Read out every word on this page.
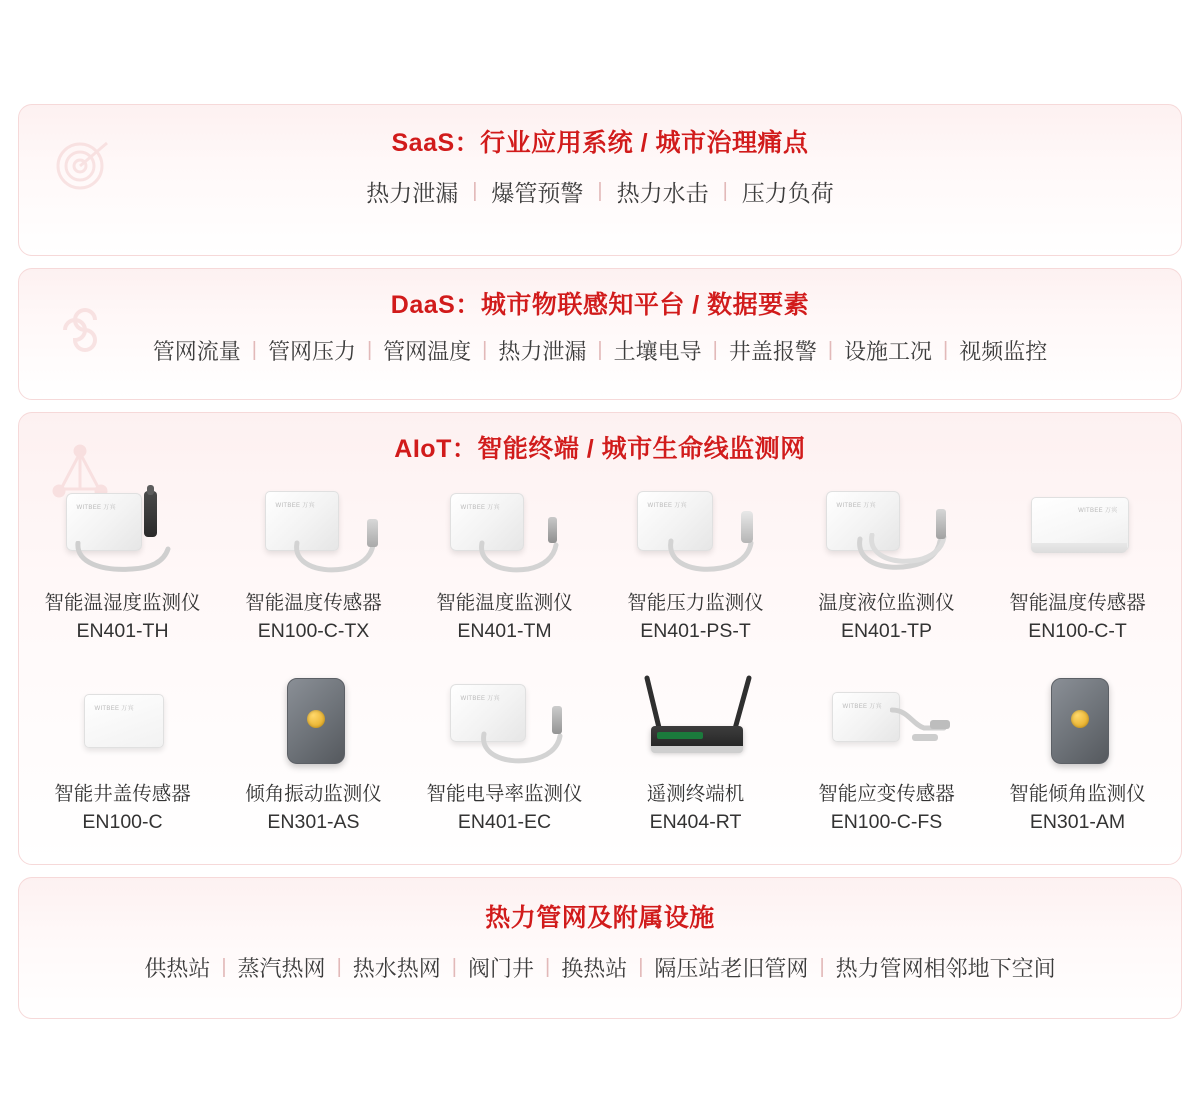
SaaS：行业应用系统 / 城市治理痛点
热力泄漏 | 爆管预警 | 热力水击 | 压力负荷
DaaS：城市物联感知平台 / 数据要素
管网流量 | 管网压力 | 管网温度 | 热力泄漏 | 土壤电导 | 井盖报警 | 设施工况 | 视频监控
AIoT：智能终端 / 城市生命线监测网
WITBEE 万宾
智能温湿度监测仪
EN401-TH
WITBEE 万宾
智能温度传感器
EN100-C-TX
WITBEE 万宾
智能温度监测仪
EN401-TM
WITBEE 万宾
智能压力监测仪
EN401-PS-T
WITBEE 万宾
温度液位监测仪
EN401-TP
WITBEE 万宾
智能温度传感器
EN100-C-T
WITBEE 万宾
智能井盖传感器
EN100-C
倾角振动监测仪
EN301-AS
WITBEE 万宾
智能电导率监测仪
EN401-EC
遥测终端机
EN404-RT
WITBEE 万宾
智能应变传感器
EN100-C-FS
智能倾角监测仪
EN301-AM
热力管网及附属设施
供热站 | 蒸汽热网 | 热水热网 | 阀门井 | 换热站 | 隔压站老旧管网 | 热力管网相邻地下空间
